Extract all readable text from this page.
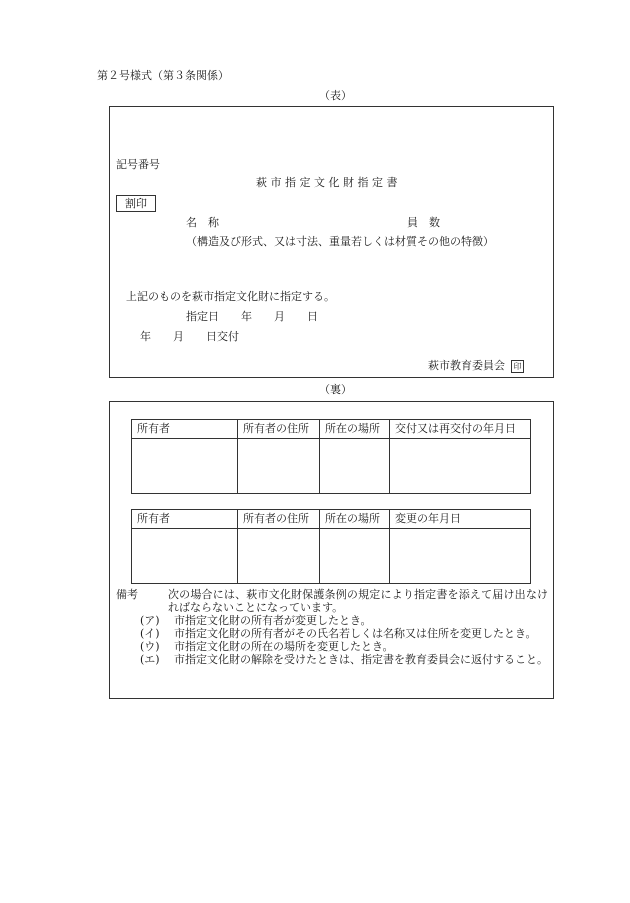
第２号様式（第３条関係）
（表）
記号番号
萩 市 指 定 文 化 財 指 定 書
割印
名　称	員　数
（構造及び形式、又は寸法、重量若しくは材質その他の特徴）
上記のものを萩市指定文化財に指定する。
指定日　　年　　月　　日
年　　月　　日交付
萩市教育委員会 印
（裏）
所有者	所有者の住所	所在の場所	交付又は再交付の年月日

所有者	所有者の住所	所在の場所	変更の年月日

備考	次の場合には、萩市文化財保護条例の規定により指定書を添えて届け出なければならないことになっています。
(ア)	市指定文化財の所有者が変更したとき。
(イ)	市指定文化財の所有者がその氏名若しくは名称又は住所を変更したとき。
(ウ)	市指定文化財の所在の場所を変更したとき。
(エ)	市指定文化財の解除を受けたときは、指定書を教育委員会に返付すること。
